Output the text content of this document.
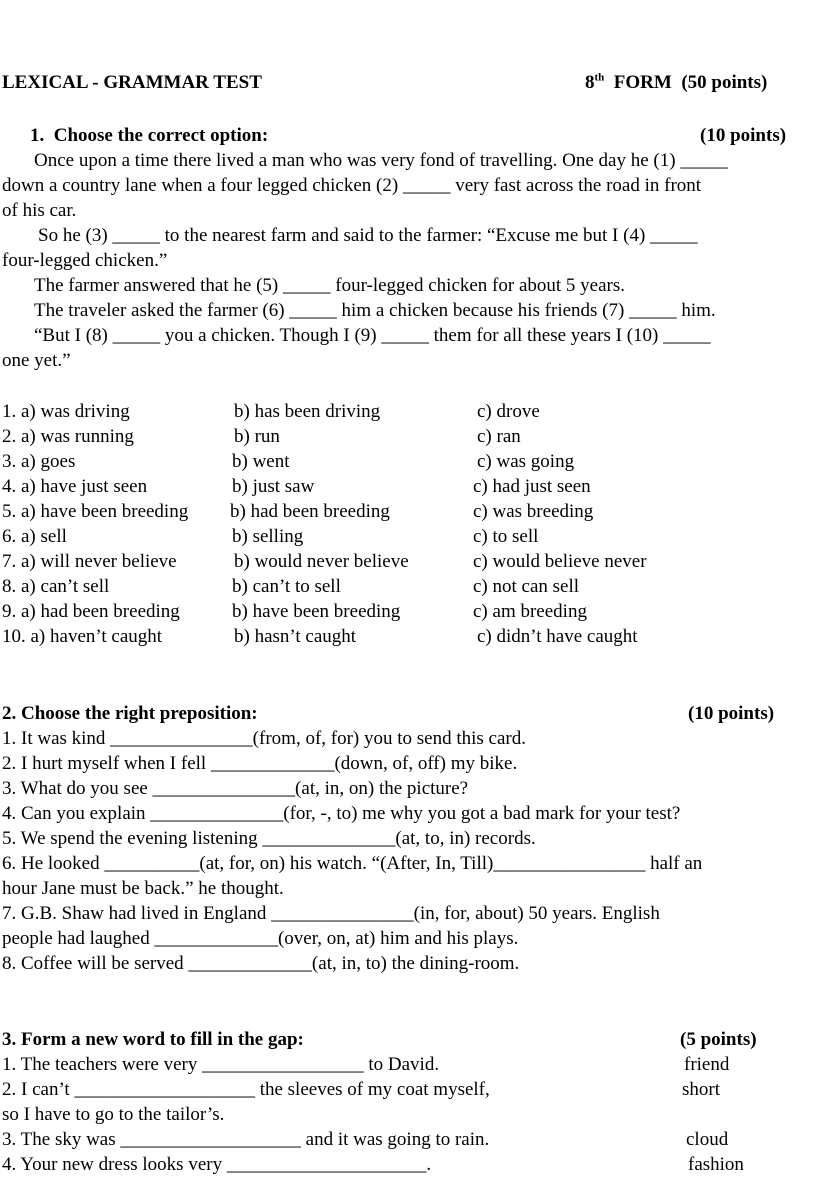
LEXICAL - GRAMMAR TEST	8th FORM  (50 points)
1.  Choose the correct option:	(10 points)
Once upon a time there lived a man who was very fond of travelling. One day he (1) _____
down a country lane when a four legged chicken (2) _____ very fast across the road in front
of his car.
So he (3) _____ to the nearest farm and said to the farmer: “Excuse me but I (4) _____
four-legged chicken.”
The farmer answered that he (5) _____ four-legged chicken for about 5 years.
The traveler asked the farmer (6) _____ him a chicken because his friends (7) _____ him.
“But I (8) _____ you a chicken. Though I (9) _____ them for all these years I (10) _____
one yet.”
1. a) was driving	b) has been driving	c) drove
2. a) was running	b) run	c) ran
3. a) goes	b) went	c) was going
4. a) have just seen	b) just saw	c) had just seen
5. a) have been breeding b) had been breeding	c) was breeding
6. a) sell	b) selling	c) to sell
7. a) will never believe	b) would never believe	c) would believe never
8. a) can’t sell	b) can’t to sell	c) not can sell
9. a) had been breeding	b) have been breeding	c) am breeding
10. a) haven’t caught	b) hasn’t caught	c) didn’t have caught
2. Choose the right preposition:	(10 points)
1. It was kind _______________(from, of, for) you to send this card.
2. I hurt myself when I fell _____________(down, of, off) my bike.
3. What do you see _______________(at, in, on) the picture?
4. Can you explain ______________(for, -, to) me why you got a bad mark for your test?
5. We spend the evening listening ______________(at, to, in) records.
6. He looked __________(at, for, on) his watch. “(After, In, Till)________________ half an
hour Jane must be back.” he thought.
7. G.B. Shaw had lived in England _______________(in, for, about) 50 years. English
people had laughed _____________(over, on, at) him and his plays.
8. Coffee will be served _____________(at, in, to) the dining-room.
3. Form a new word to fill in the gap:	(5 points)
1. The teachers were very _________________ to David.	friend
2. I can’t ___________________ the sleeves of my coat myself,	short
so I have to go to the tailor’s.
3. The sky was ___________________ and it was going to rain.	cloud
4. Your new dress looks very _____________________.	fashion
